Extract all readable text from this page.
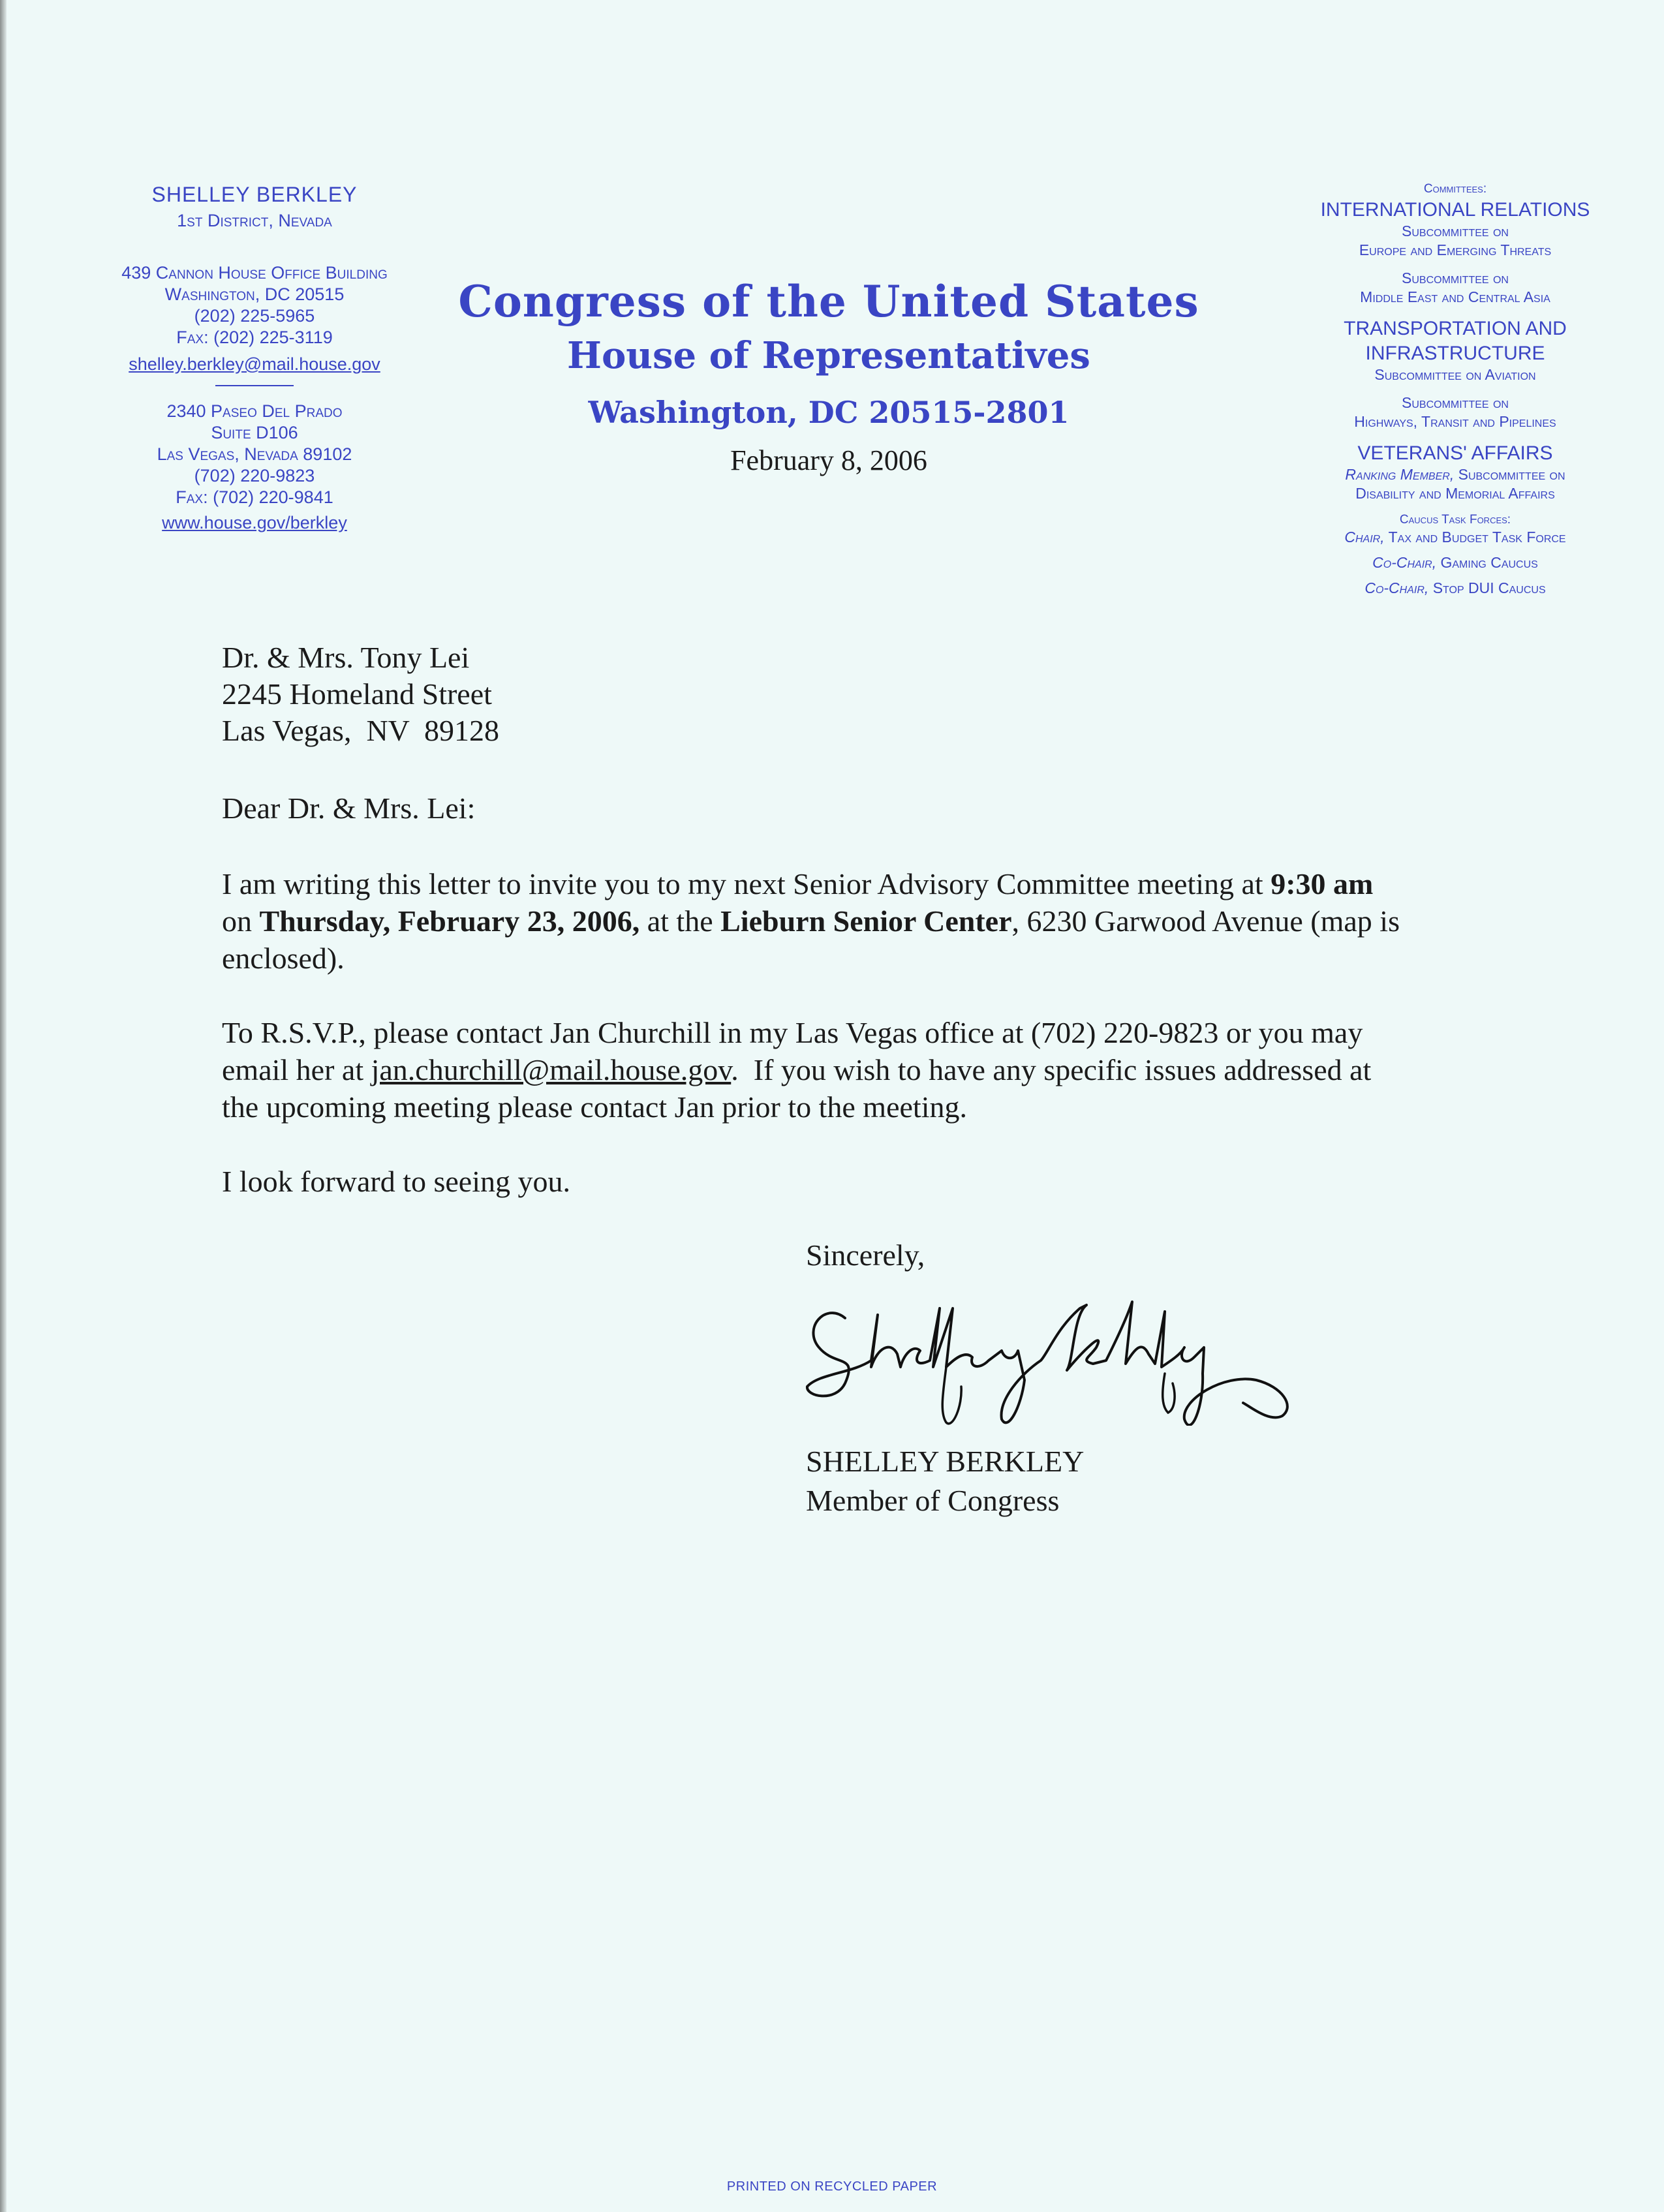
SHELLEY BERKLEY
1st District, Nevada
439 Cannon House Office Building
Washington, DC 20515
(202) 225-5965
Fax: (202) 225-3119
shelley.berkley@mail.house.gov
2340 Paseo Del Prado
Suite D106
Las Vegas, Nevada 89102
(702) 220-9823
Fax: (702) 220-9841
www.house.gov/berkley
Congress of the United States
House of Representatives
Washington, DC 20515-2801
February 8, 2006
Committees:
INTERNATIONAL RELATIONS
Subcommittee on
Europe and Emerging Threats
Subcommittee on
Middle East and Central Asia
TRANSPORTATION AND
INFRASTRUCTURE
Subcommittee on Aviation
Subcommittee on
Highways, Transit and Pipelines
VETERANS' AFFAIRS
Ranking Member, Subcommittee on
Disability and Memorial Affairs
Caucus Task Forces:
Chair, Tax and Budget Task Force
Co-Chair, Gaming Caucus
Co-Chair, Stop DUI Caucus
Dr. & Mrs. Tony Lei
2245 Homeland Street
Las Vegas,  NV  89128
Dear Dr. & Mrs. Lei:
I am writing this letter to invite you to my next Senior Advisory Committee meeting at 9:30 am on Thursday, February 23, 2006, at the Lieburn Senior Center, 6230 Garwood Avenue (map is enclosed).
To R.S.V.P., please contact Jan Churchill in my Las Vegas office at (702) 220-9823 or you may email her at jan.churchill@mail.house.gov.  If you wish to have any specific issues addressed at the upcoming meeting please contact Jan prior to the meeting.
I look forward to seeing you.
Sincerely,
SHELLEY BERKLEY
Member of Congress
PRINTED ON RECYCLED PAPER
